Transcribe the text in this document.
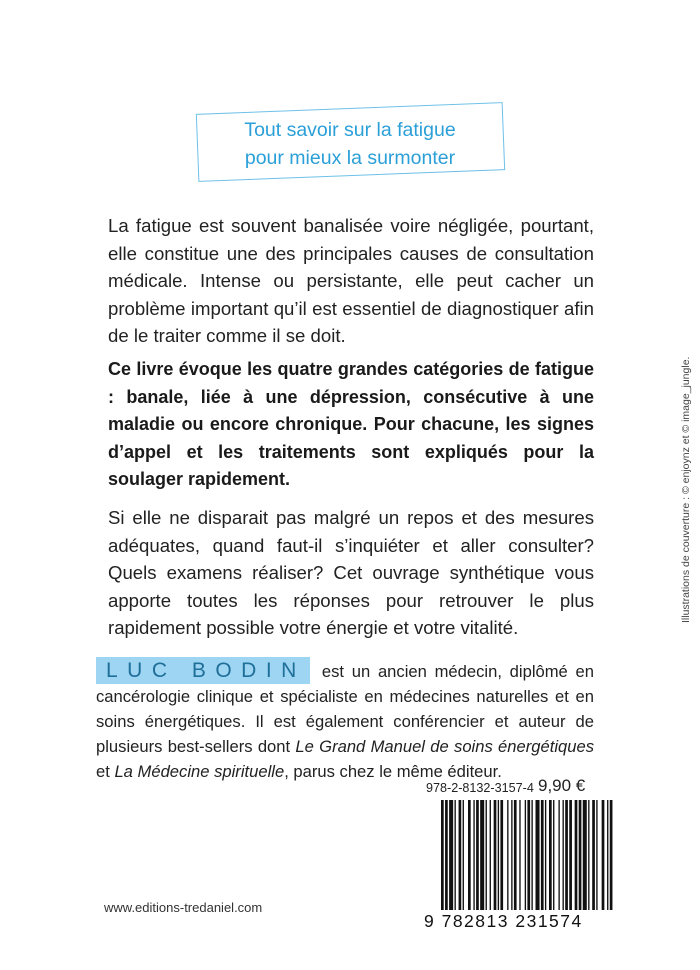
Tout savoir sur la fatigue
pour mieux la surmonter

La fatigue est souvent banalisée voire négligée, pourtant, elle constitue une des principales causes de consultation médicale. Intense ou persistante, elle peut cacher un problème important qu’il est essentiel de diagnostiquer afin de le traiter comme il se doit.

Ce livre évoque les quatre grandes catégories de fatigue : banale, liée à une dépression, consécutive à une maladie ou encore chronique. Pour chacune, les signes d’appel et les traitements sont expliqués pour la soulager rapidement.

Si elle ne disparait pas malgré un repos et des mesures adéquates, quand faut-il s’inquiéter et aller consulter? Quels examens réaliser? Cet ouvrage synthétique vous apporte toutes les réponses pour retrouver le plus rapidement possible votre énergie et votre vitalité.

LUC BODIN est un ancien médecin, diplômé en cancérologie clinique et spécialiste en médecines naturelles et en soins énergétiques. Il est également conférencier et auteur de plusieurs best-sellers dont Le Grand Manuel de soins énergétiques et La Médecine spirituelle, parus chez le même éditeur.

www.editions-tredaniel.com
978-2-8132-3157-4 9,90 €
9 782813 231574
Illustrations de couverture : © enjoynz et © image_jungle.
